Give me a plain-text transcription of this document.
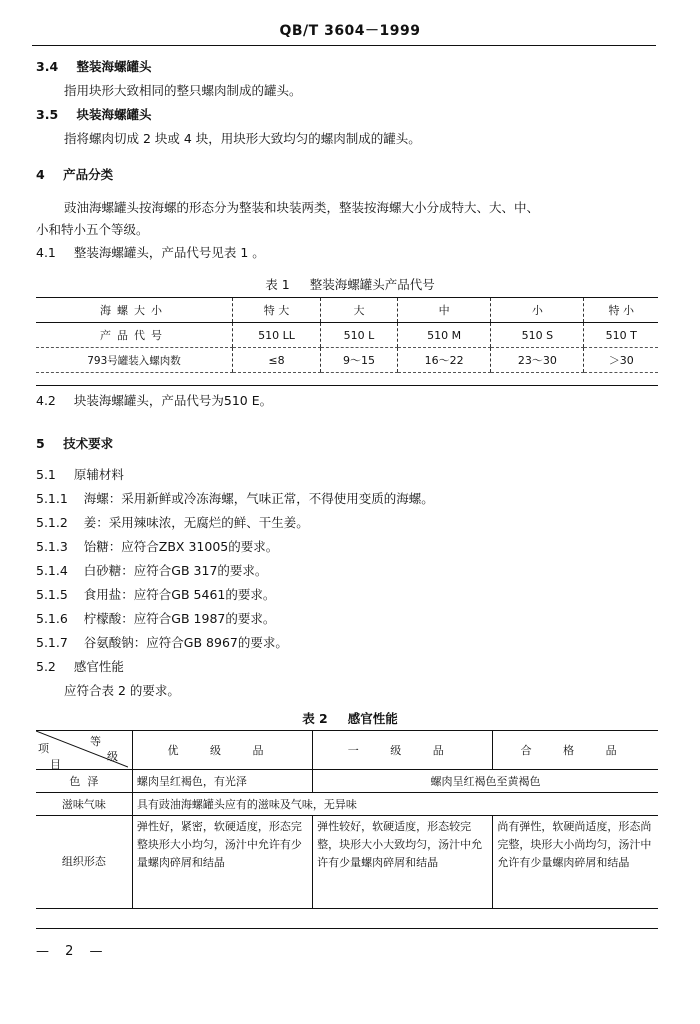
QB/T 3604－1999
3.4 整装海螺罐头
指用块形大致相同的整只螺肉制成的罐头。
3.5 块装海螺罐头
指将螺肉切成 2 块或 4 块，用块形大致均匀的螺肉制成的罐头。
4 产品分类
豉油海螺罐头按海螺的形态分为整装和块装两类，整装按海螺大小分成特大、大、中、
小和特小五个等级。
4.1 整装海螺罐头，产品代号见表 1 。
表 1 整装海螺罐头产品代号
海螺大小	特 大	大	中	小	特 小
产品代号	510 LL	510 L	510 M	510 S	510 T
793号罐装入螺肉数	≤8	9～15	16～22	23～30	＞30
4.2 块装海螺罐头，产品代号为510 E。
5 技术要求
5.1 原辅材料
5.1.1 海螺：采用新鲜或冷冻海螺，气味正常，不得使用变质的海螺。
5.1.2 姜：采用辣味浓，无腐烂的鲜、干生姜。
5.1.3 饴糖：应符合ZBX 31005的要求。
5.1.4 白砂糖：应符合GB 317的要求。
5.1.5 食用盐：应符合GB 5461的要求。
5.1.6 柠檬酸：应符合GB 1987的要求。
5.1.7 谷氨酸钠：应符合GB 8967的要求。
5.2 感官性能
应符合表 2 的要求。
表 2 感官性能
	优 级 品	一 级 品	合 格 品
色  泽	螺肉呈红褐色，有光泽	螺肉呈红褐色至黄褐色	
滋味气味	具有豉油海螺罐头应有的滋味及气味，无异味		
组织形态	弹性好，紧密，软硬适度，形态完整块形大小均匀，汤汁中允许有少量螺肉碎屑和结晶	弹性较好，软硬适度，形态较完整，块形大小大致均匀，汤汁中允许有少量螺肉碎屑和结晶	尚有弹性，软硬尚适度，形态尚完整，块形大小尚均匀，汤汁中允许有少量螺肉碎屑和结晶
等
级
项
目
— 2 —
